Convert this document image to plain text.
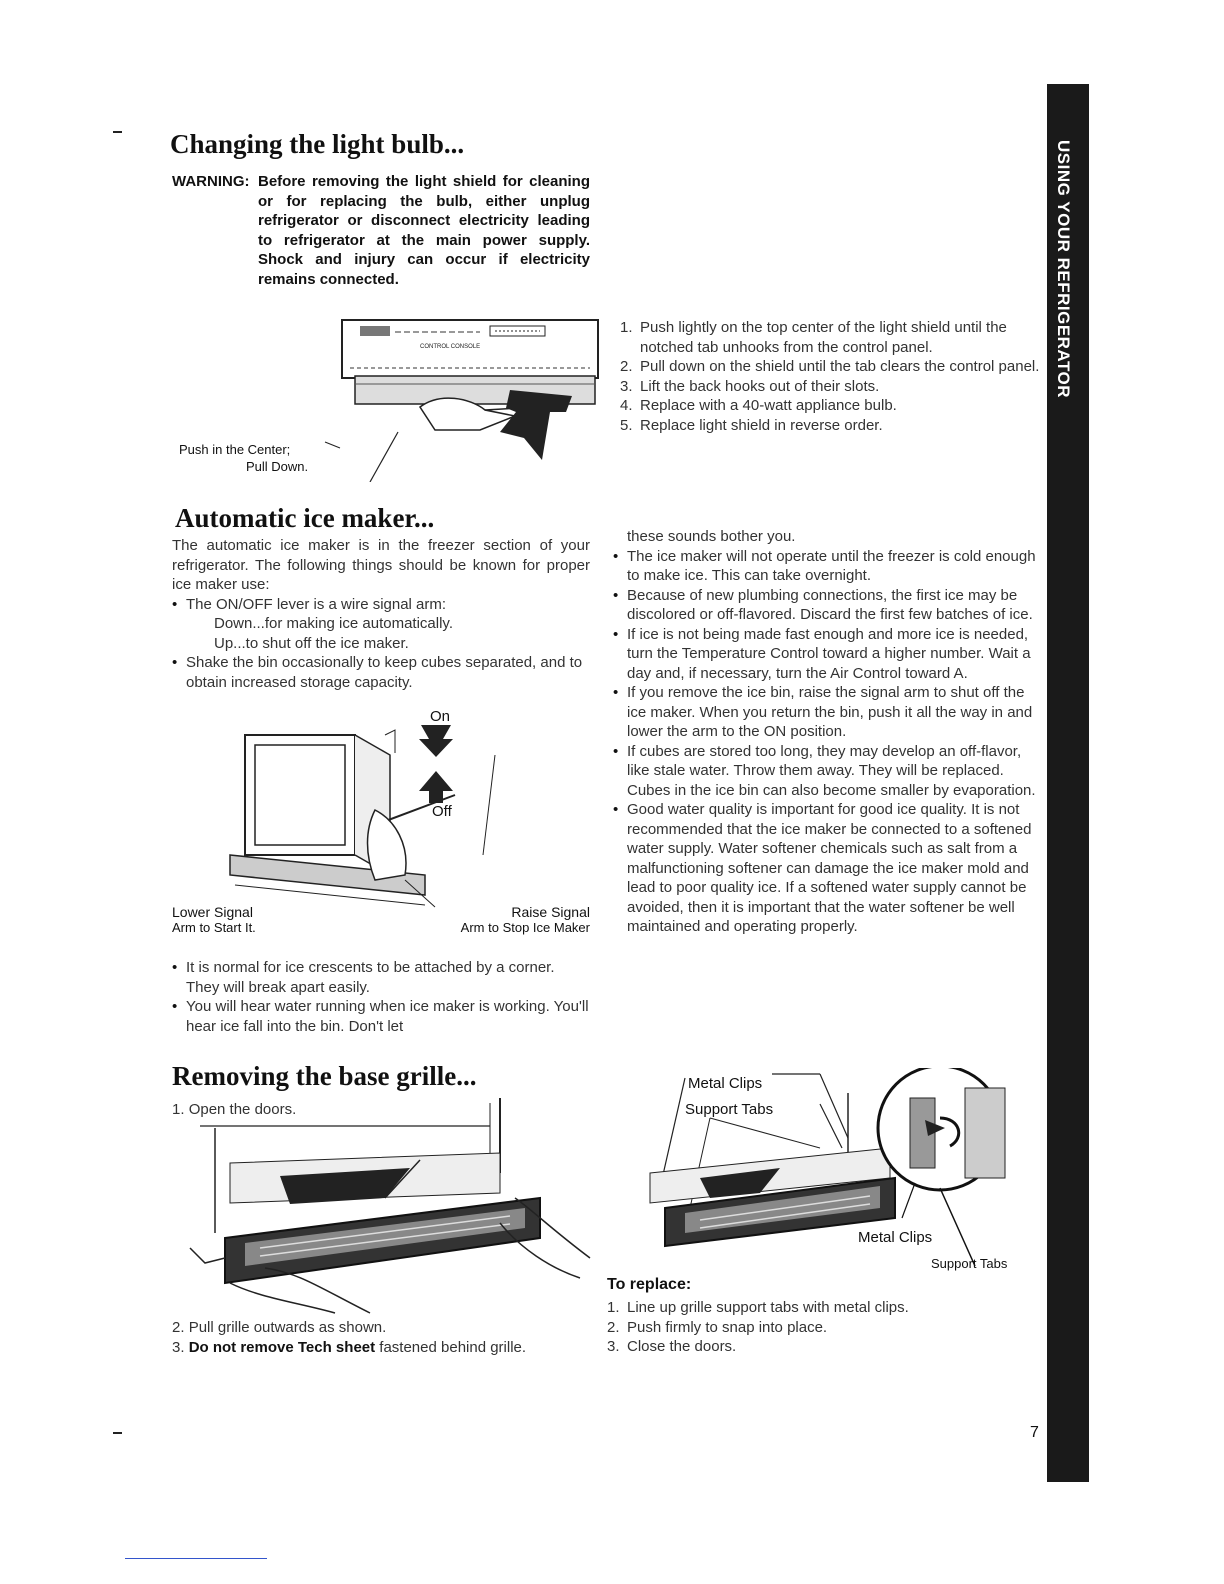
USING YOUR REFRIGERATOR
7
Changing the light bulb...
WARNING: Before removing the light shield for cleaning or for replacing the bulb, either unplug refrigerator or disconnect electricity leading to refrigerator at the main power supply. Shock and injury can occur if electricity remains connected.
CONTROL CONSOLE
Push in the Center;
Pull Down.
1. Push lightly on the top center of the light shield until the notched tab unhooks from the control panel.
2. Pull down on the shield until the tab clears the control panel.
3. Lift the back hooks out of their slots.
4. Replace with a 40-watt appliance bulb.
5. Replace light shield in reverse order.
Automatic ice maker...
The automatic ice maker is in the freezer section of your refrigerator. The following things should be known for proper ice maker use:
• The ON/OFF lever is a wire signal arm:
Down...for making ice automatically.
Up...to shut off the ice maker.
• Shake the bin occasionally to keep cubes separated, and to obtain increased storage capacity.
On
Off
Lower Signal
Arm to Start It.
Raise Signal
Arm to Stop Ice Maker
• It is normal for ice crescents to be attached by a corner. They will break apart easily.
• You will hear water running when ice maker is working. You'll hear ice fall into the bin. Don't let
these sounds bother you.
• The ice maker will not operate until the freezer is cold enough to make ice. This can take overnight.
• Because of new plumbing connections, the first ice may be discolored or off-flavored. Discard the first few batches of ice.
• If ice is not being made fast enough and more ice is needed, turn the Temperature Control toward a higher number. Wait a day and, if necessary, turn the Air Control toward A.
• If you remove the ice bin, raise the signal arm to shut off the ice maker. When you return the bin, push it all the way in and lower the arm to the ON position.
• If cubes are stored too long, they may develop an off-flavor, like stale water. Throw them away. They will be replaced. Cubes in the ice bin can also become smaller by evaporation.
• Good water quality is important for good ice quality. It is not recommended that the ice maker be connected to a softened water supply. Water softener chemicals such as salt from a malfunctioning softener can damage the ice maker mold and lead to poor quality ice. If a softened water supply cannot be avoided, then it is important that the water softener be well maintained and operating properly.
Removing the base grille...
1. Open the doors.
2. Pull grille outwards as shown.
3. Do not remove Tech sheet fastened behind grille.
Metal Clips
Support Tabs
Metal Clips
Support Tabs
To replace:
1. Line up grille support tabs with metal clips.
2. Push firmly to snap into place.
3. Close the doors.
